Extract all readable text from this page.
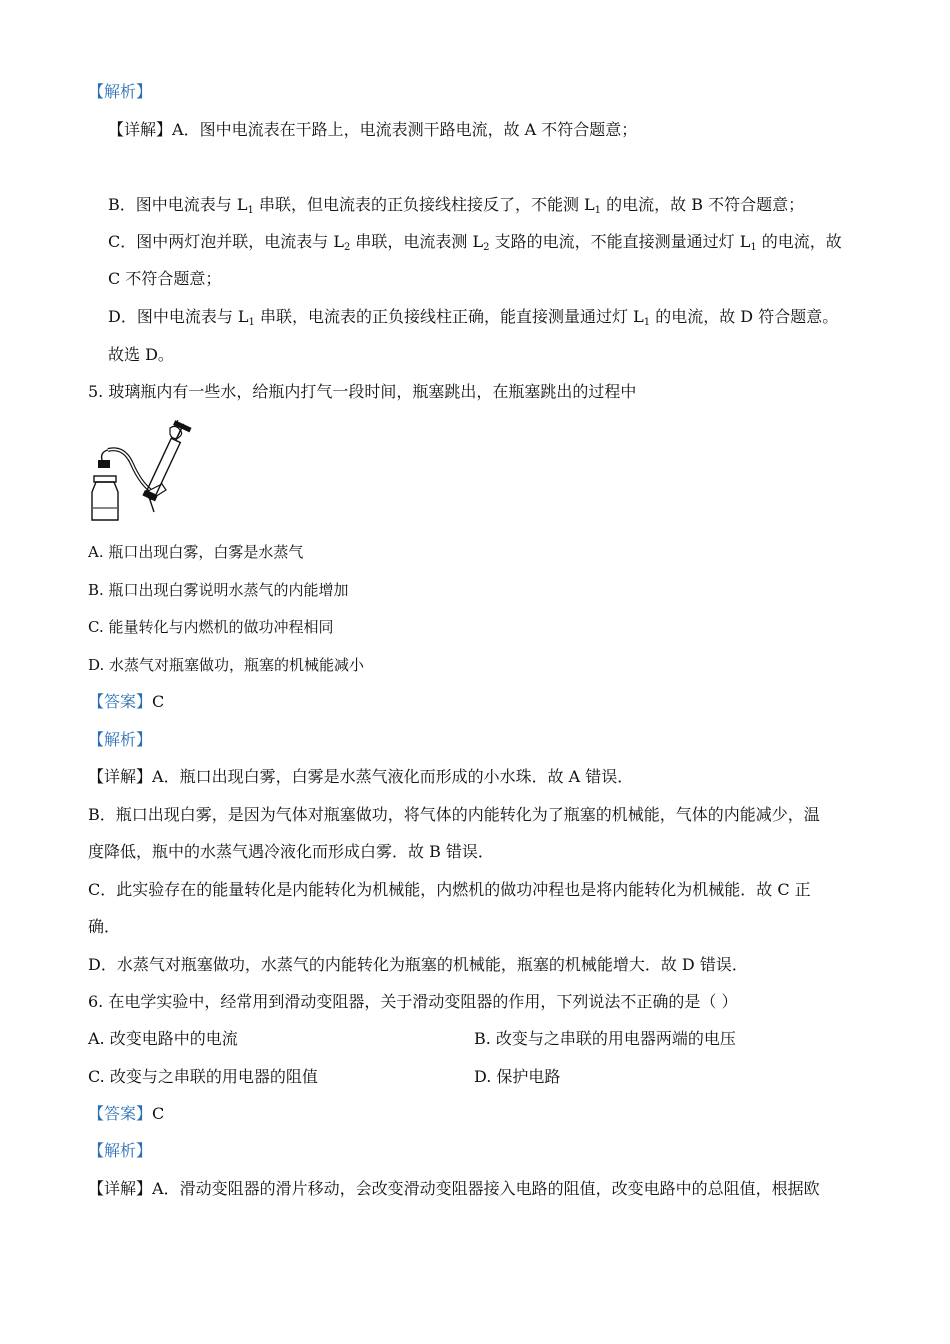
【解析】
【详解】A．图中电流表在干路上，电流表测干路电流，故 A 不符合题意；
B．图中电流表与 $L_1$ 串联，但电流表的正负接线柱接反了，不能测 $L_1$ 的电流，故 B 不符合题意；
C．图中两灯泡并联，电流表与 $L_2$ 串联，电流表测 $L_2$ 支路的电流，不能直接测量通过灯 $L_1$ 的电流，故
C 不符合题意；
D．图中电流表与 $L_1$ 串联，电流表的正负接线柱正确，能直接测量通过灯 $L_1$ 的电流，故 D 符合题意。
故选 D。
5. 玻璃瓶内有一些水，给瓶内打气一段时间，瓶塞跳出，在瓶塞跳出的过程中
A. 瓶口出现白雾，白雾是水蒸气
B. 瓶口出现白雾说明水蒸气的内能增加
C. 能量转化与内燃机的做功冲程相同
D. 水蒸气对瓶塞做功，瓶塞的机械能减小
【答案】C
【解析】
【详解】A．瓶口出现白雾，白雾是水蒸气液化而形成的小水珠．故 A 错误．
B．瓶口出现白雾，是因为气体对瓶塞做功，将气体的内能转化为了瓶塞的机械能，气体的内能减少，温
度降低，瓶中的水蒸气遇冷液化而形成白雾．故 B 错误．
C．此实验存在的能量转化是内能转化为机械能，内燃机的做功冲程也是将内能转化为机械能．故 C 正
确．
D．水蒸气对瓶塞做功，水蒸气的内能转化为瓶塞的机械能，瓶塞的机械能增大．故 D 错误．
6. 在电学实验中，经常用到滑动变阻器，关于滑动变阻器的作用，下列说法不正确的是（ ）
A. 改变电路中的电流	B. 改变与之串联的用电器两端的电压
C. 改变与之串联的用电器的阻值	D. 保护电路
【答案】C
【解析】
【详解】A．滑动变阻器的滑片移动，会改变滑动变阻器接入电路的阻值，改变电路中的总阻值，根据欧
